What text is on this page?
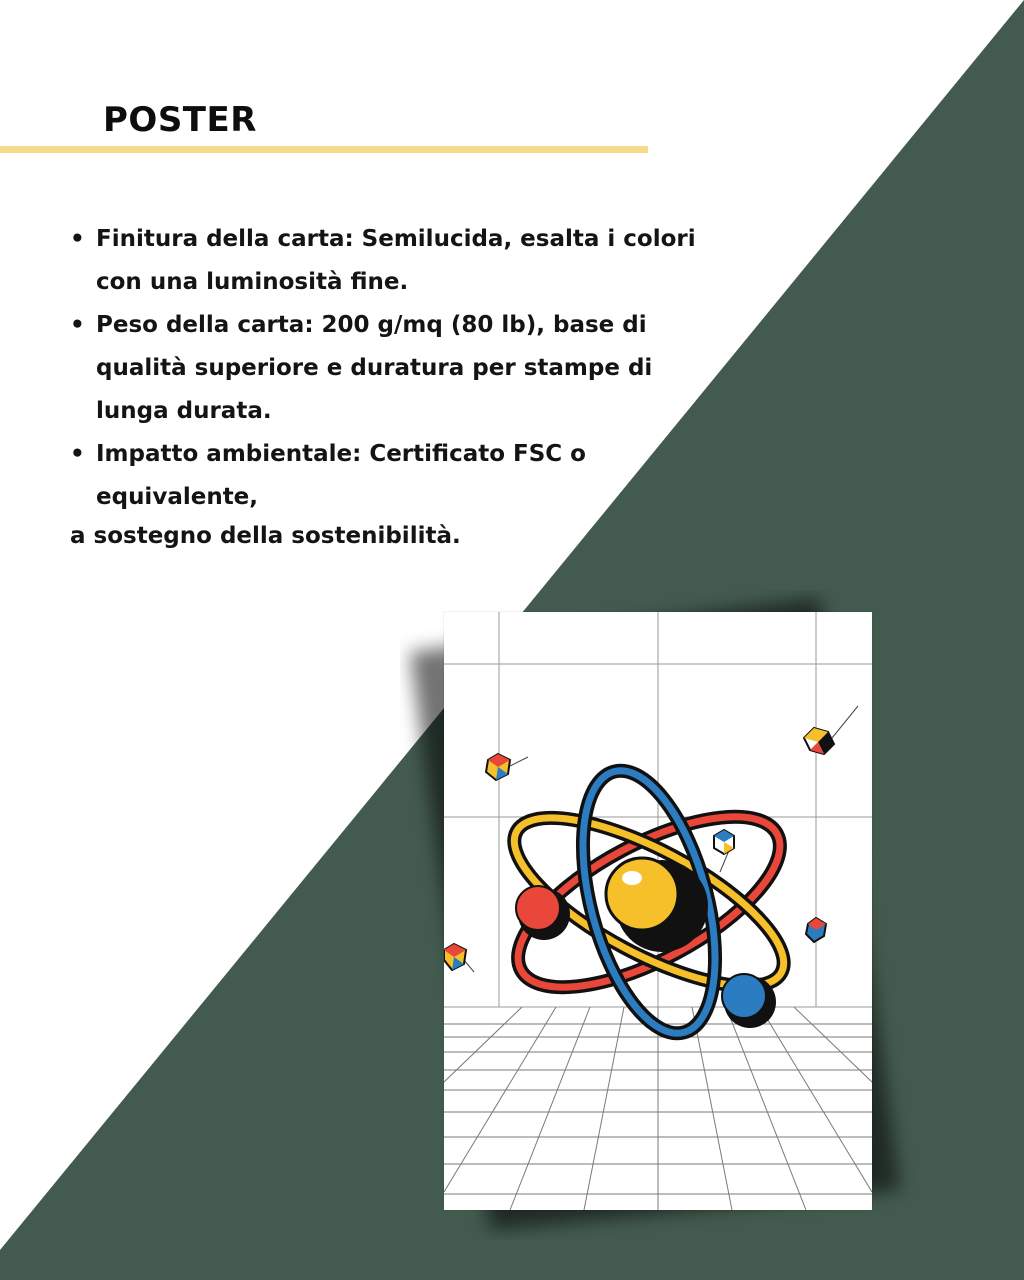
POSTER
• Finitura della carta: Semilucida, esalta i colori con una luminosità fine.
• Peso della carta: 200 g/mq (80 lb), base di qualità superiore e duratura per stampe di lunga durata.
• Impatto ambientale: Certificato FSC o equivalente,
a sostegno della sostenibilità.
